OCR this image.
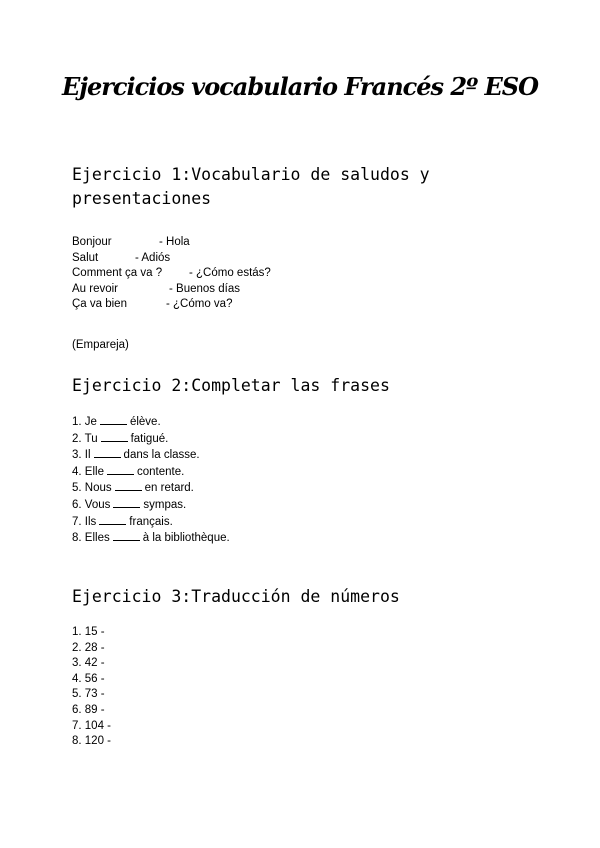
Ejercicios vocabulario Francés 2º ESO
Ejercicio 1:Vocabulario de saludos y presentaciones
Bonjour	- Hola
Salut	- Adiós
Comment ça va ?	- ¿Cómo estás?
Au revoir	- Buenos días
Ça va bien	- ¿Cómo va?
(Empareja)
Ejercicio 2:Completar las frases
1. Je	élève.
2. Tu	fatigué.
3. Il	dans la classe.
4. Elle	contente.
5. Nous	en retard.
6. Vous	sympas.
7. Ils	français.
8. Elles	à la bibliothèque.
Ejercicio 3:Traducción de números
1. 15 -
2. 28 -
3. 42 -
4. 56 -
5. 73 -
6. 89 -
7. 104 -
8. 120 -
